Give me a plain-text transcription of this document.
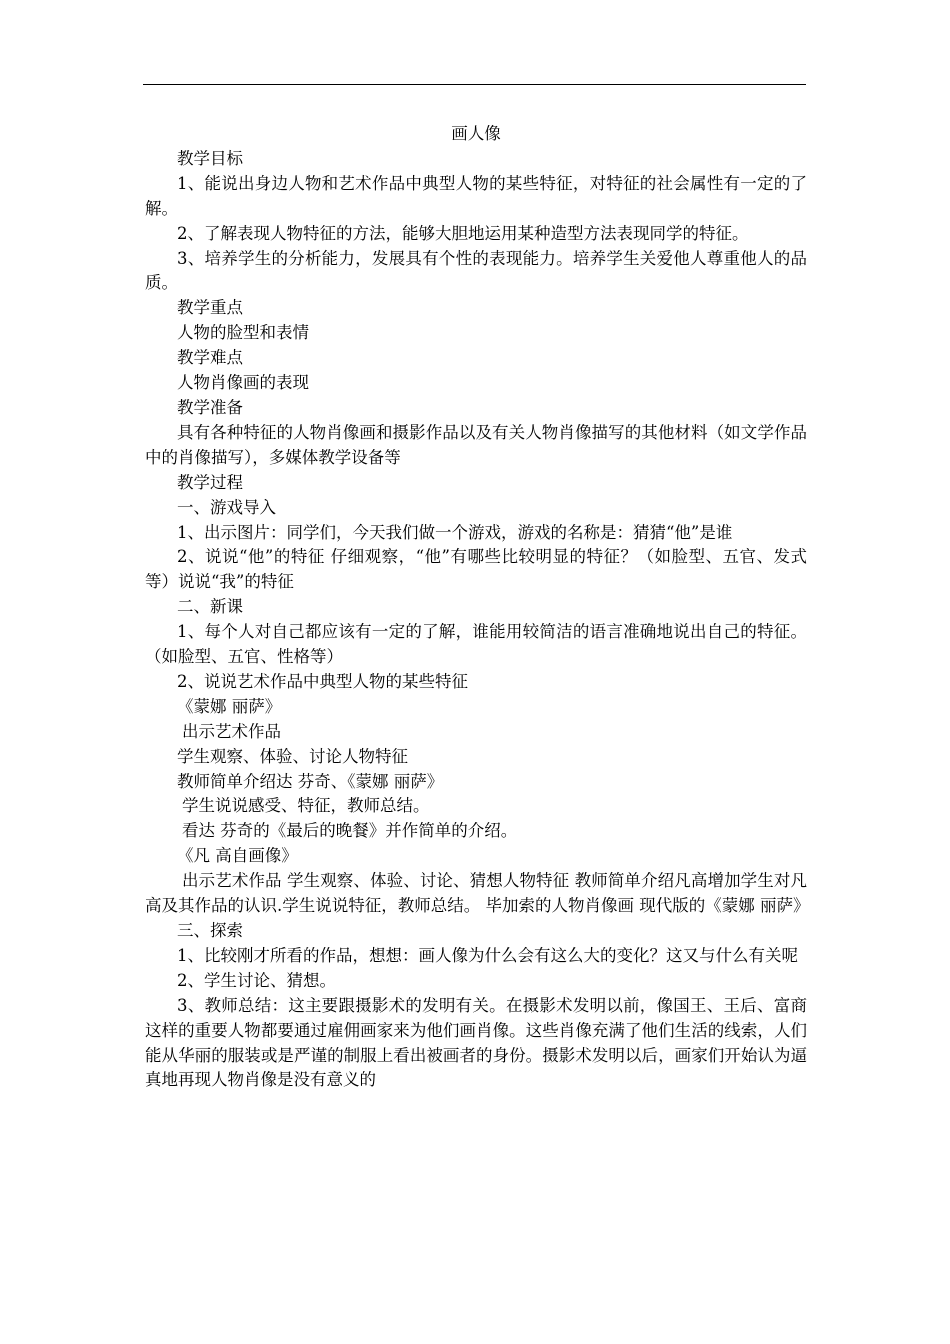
画人像

教学目标

1、能说出身边人物和艺术作品中典型人物的某些特征，对特征的社会属性有一定的了解。

2、了解表现人物特征的方法，能够大胆地运用某种造型方法表现同学的特征。

3、培养学生的分析能力，发展具有个性的表现能力。培养学生关爱他人尊重他人的品质。

教学重点

人物的脸型和表情

教学难点

人物肖像画的表现

教学准备

具有各种特征的人物肖像画和摄影作品以及有关人物肖像描写的其他材料（如文学作品中的肖像描写），多媒体教学设备等

教学过程

一、游戏导入

1、出示图片：同学们，今天我们做一个游戏，游戏的名称是：猜猜“他”是谁

2、说说“他”的特征 仔细观察，“他”有哪些比较明显的特征？（如脸型、五官、发式等）说说“我”的特征

二、新课

1、每个人对自己都应该有一定的了解，谁能用较简洁的语言准确地说出自己的特征。（如脸型、五官、性格等）

2、说说艺术作品中典型人物的某些特征

《蒙娜 丽萨》

出示艺术作品

学生观察、体验、讨论人物特征

教师简单介绍达 芬奇、《蒙娜 丽萨》

学生说说感受、特征，教师总结。

看达 芬奇的《最后的晚餐》并作简单的介绍。

《凡 高自画像》

出示艺术作品 学生观察、体验、讨论、猜想人物特征 教师简单介绍凡高增加学生对凡高及其作品的认识.学生说说特征，教师总结。 毕加索的人物肖像画 现代版的《蒙娜 丽萨》

三、探索

1、比较刚才所看的作品，想想：画人像为什么会有这么大的变化？这又与什么有关呢

2、学生讨论、猜想。

3、教师总结：这主要跟摄影术的发明有关。在摄影术发明以前，像国王、王后、富商这样的重要人物都要通过雇佣画家来为他们画肖像。这些肖像充满了他们生活的线索，人们能从华丽的服装或是严谨的制服上看出被画者的身份。摄影术发明以后，画家们开始认为逼真地再现人物肖像是没有意义的
